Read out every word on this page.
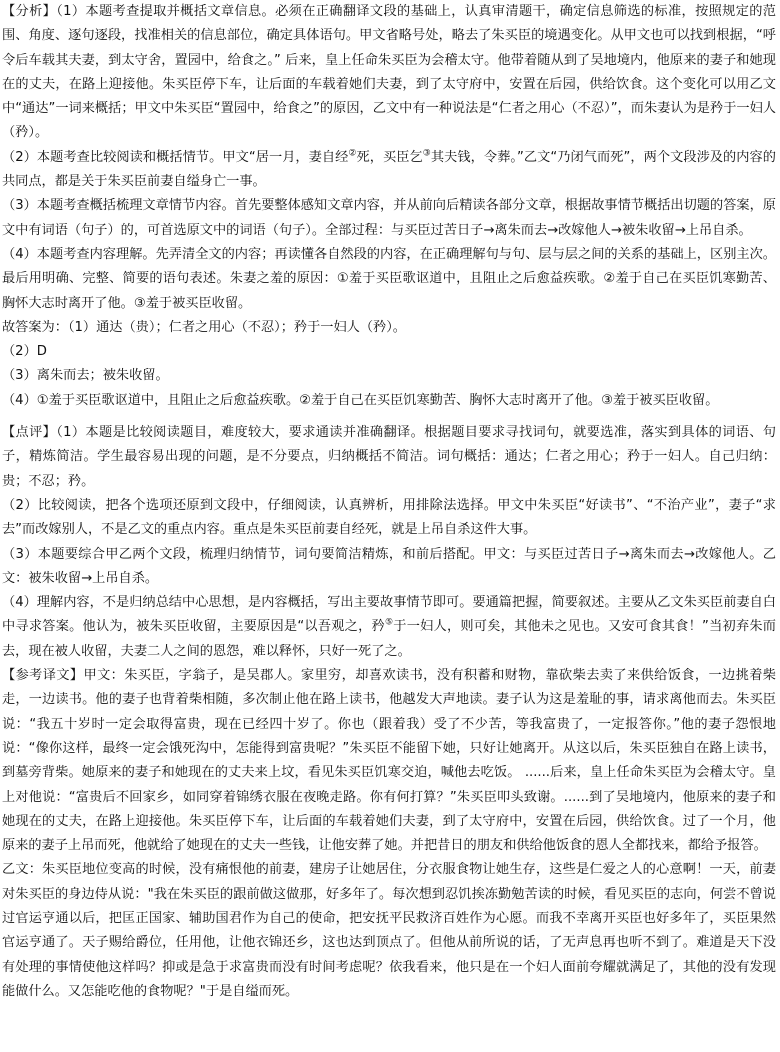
【分析】（1）本题考查提取并概括文章信息。必须在正确翻译文段的基础上，认真审清题干，确定信息筛选的标准，按照规定的范围、角度、逐句逐段，找准相关的信息部位，确定具体语句。甲文省略号处，略去了朱买臣的境遇变化。从甲文也可以找到根据，“呼令后车载其夫妻，到太守舍，置园中，给食之。” 后来，皇上任命朱买臣为会稽太守。他带着随从到了吴地境内，他原来的妻子和她现在的丈夫，在路上迎接他。朱买臣停下车，让后面的车载着她们夫妻，到了太守府中，安置在后园，供给饮食。这个变化可以用乙文中“通达”一词来概括；甲文中朱买臣“置园中，给食之”的原因，乙文中有一种说法是“仁者之用心（不忍）”，而朱妻认为是矜于一妇人（矜）。

（2）本题考查比较阅读和概括情节。甲文“居一月，妻自经②死，买臣乞③其夫钱，令葬。”乙文“乃闭气而死”，两个文段涉及的内容的共同点，都是关于朱买臣前妻自缢身亡一事。

（3）本题考查概括梳理文章情节内容。首先要整体感知文章内容，并从前向后精读各部分文章，根据故事情节概括出切题的答案，原文中有词语（句子）的，可首选原文中的词语（句子）。全部过程：与买臣过苦日子→离朱而去→改嫁他人→被朱收留→上吊自杀。

（4）本题考查内容理解。先弄清全文的内容；再读懂各自然段的内容，在正确理解句与句、层与层之间的关系的基础上，区别主次。最后用明确、完整、简要的语句表述。朱妻之羞的原因：①羞于买臣歌讴道中，且阻止之后愈益疾歌。②羞于自己在买臣饥寒勤苦、胸怀大志时离开了他。③羞于被买臣收留。

故答案为：（1）通达（贵）；仁者之用心（不忍）；矜于一妇人（矜）。

（2）D

（3）离朱而去；被朱收留。

（4）①羞于买臣歌讴道中，且阻止之后愈益疾歌。②羞于自己在买臣饥寒勤苦、胸怀大志时离开了他。③羞于被买臣收留。

【点评】（1）本题是比较阅读题目，难度较大，要求通读并准确翻译。根据题目要求寻找词句，就要选准，落实到具体的词语、句子，精炼简洁。学生最容易出现的问题，是不分要点，归纳概括不简洁。词句概括：通达；仁者之用心；矜于一妇人。自己归纳：贵；不忍；矜。

（2）比较阅读，把各个选项还原到文段中，仔细阅读，认真辨析，用排除法选择。甲文中朱买臣“好读书”、“不治产业”，妻子“求去”而改嫁别人，不是乙文的重点内容。重点是朱买臣前妻自经死，就是上吊自杀这件大事。

（3）本题要综合甲乙两个文段，梳理归纳情节，词句要简洁精炼，和前后搭配。甲文：与买臣过苦日子→离朱而去→改嫁他人。乙文：被朱收留→上吊自杀。

（4）理解内容，不是归纳总结中心思想，是内容概括，写出主要故事情节即可。要通篇把握，简要叙述。主要从乙文朱买臣前妻自白中寻求答案。他认为，被朱买臣收留，主要原因是“以吾观之，矜⑤于一妇人，则可矣，其他未之见也。又安可食其食！”当初弃朱而去，现在被人收留，夫妻二人之间的恩怨，难以释怀，只好一死了之。

【参考译文】甲文：朱买臣，字翁子，是吴郡人。家里穷，却喜欢读书，没有积蓄和财物，靠砍柴去卖了来供给饭食，一边挑着柴走，一边读书。他的妻子也背着柴相随，多次制止他在路上读书，他越发大声地读。妻子认为这是羞耻的事，请求离他而去。朱买臣说：“我五十岁时一定会取得富贵，现在已经四十岁了。你也（跟着我）受了不少苦，等我富贵了，一定报答你。”他的妻子怨恨地说：“像你这样，最终一定会饿死沟中，怎能得到富贵呢？”朱买臣不能留下她，只好让她离开。从这以后，朱买臣独自在路上读书，到墓旁背柴。她原来的妻子和她现在的丈夫来上坟，看见朱买臣饥寒交迫，喊他去吃饭。 ......后来，皇上任命朱买臣为会稽太守。皇上对他说：“富贵后不回家乡，如同穿着锦绣衣服在夜晚走路。你有何打算？”朱买臣叩头致谢。......到了吴地境内，他原来的妻子和她现在的丈夫，在路上迎接他。朱买臣停下车，让后面的车载着她们夫妻，到了太守府中，安置在后园，供给饮食。过了一个月，他原来的妻子上吊而死，他就给了她现在的丈夫一些钱，让他安葬了她。并把昔日的朋友和供给他饭食的恩人全都找来，都给予报答。

乙文：朱买臣地位变高的时候，没有痛恨他的前妻，建房子让她居住，分衣服食物让她生存，这些是仁爱之人的心意啊！一天，前妻对朱买臣的身边侍从说："我在朱买臣的跟前做这做那，好多年了。每次想到忍饥挨冻勤勉苦读的时候，看见买臣的志向，何尝不曾说过官运亨通以后，把匡正国家、辅助国君作为自己的使命，把安抚平民救济百姓作为心愿。而我不幸离开买臣也好多年了，买臣果然官运亨通了。天子赐给爵位，任用他，让他衣锦还乡，这也达到顶点了。但他从前所说的话，了无声息再也听不到了。难道是天下没有处理的事情使他这样吗？抑或是急于求富贵而没有时间考虑呢？依我看来，他只是在一个妇人面前夸耀就满足了，其他的没有发现能做什么。又怎能吃他的食物呢？"于是自缢而死。
